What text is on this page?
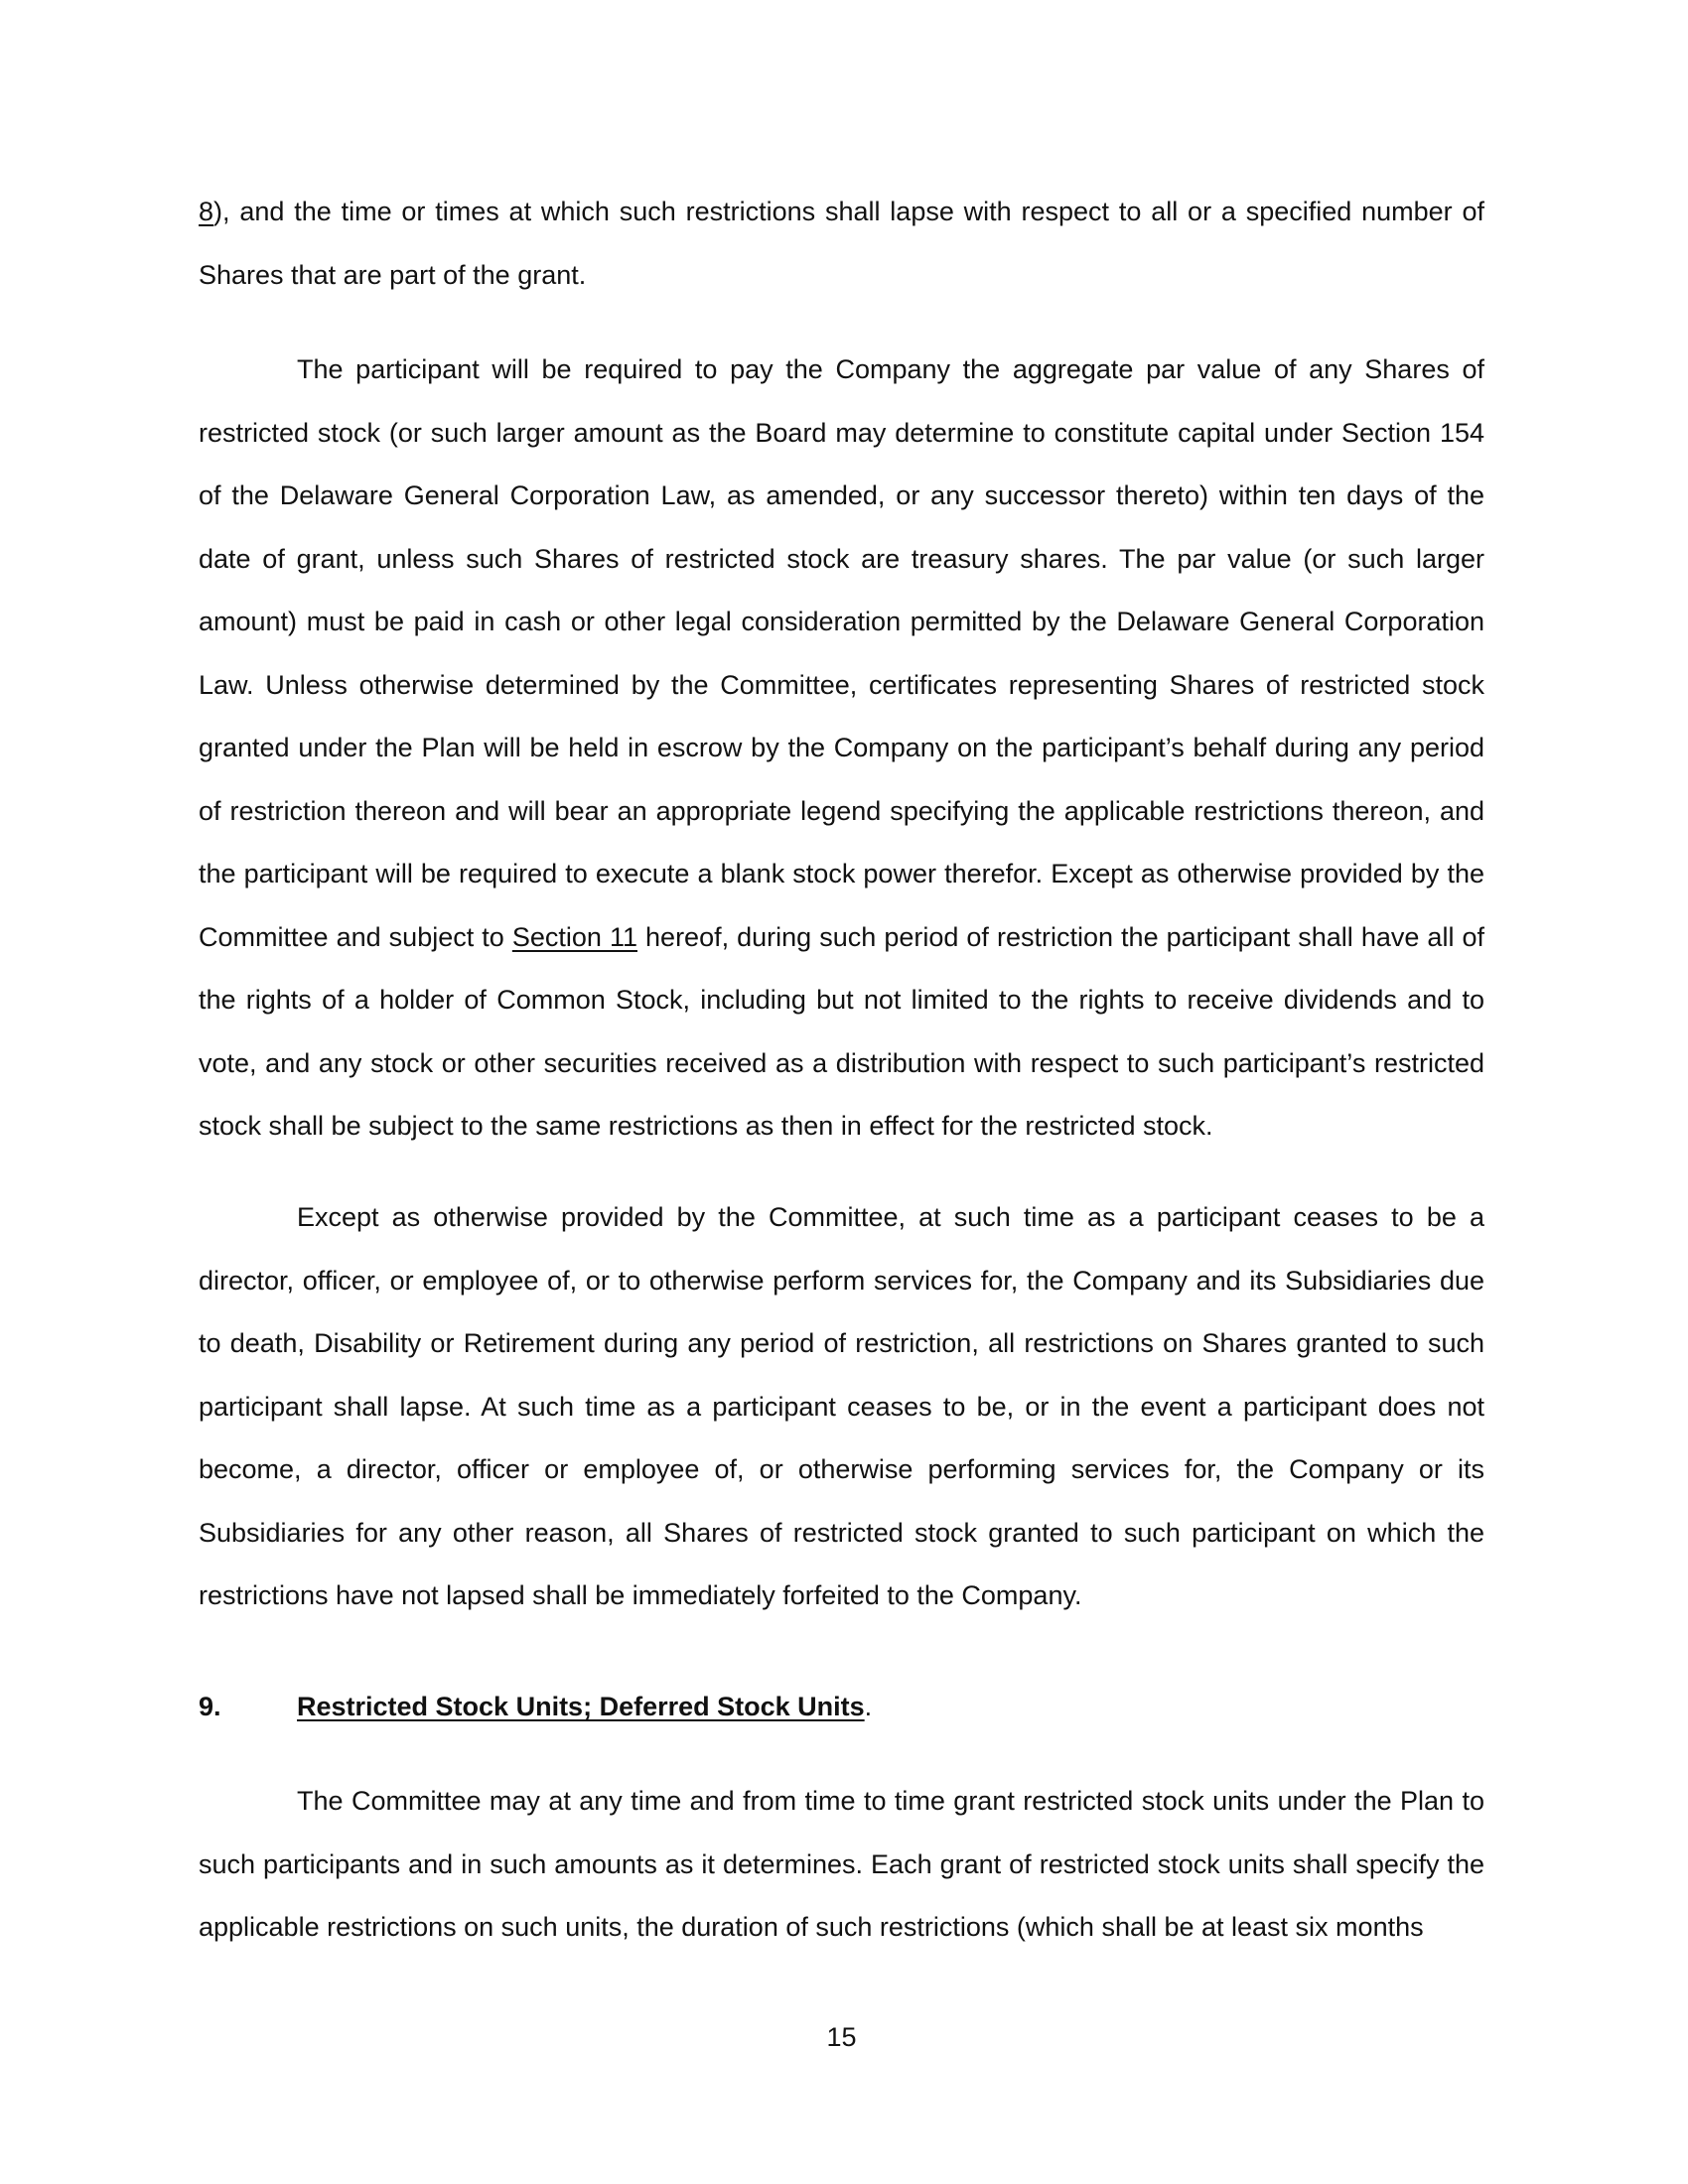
8), and the time or times at which such restrictions shall lapse with respect to all or a specified number of Shares that are part of the grant.

The participant will be required to pay the Company the aggregate par value of any Shares of restricted stock (or such larger amount as the Board may determine to constitute capital under Section 154 of the Delaware General Corporation Law, as amended, or any successor thereto) within ten days of the date of grant, unless such Shares of restricted stock are treasury shares. The par value (or such larger amount) must be paid in cash or other legal consideration permitted by the Delaware General Corporation Law. Unless otherwise determined by the Committee, certificates representing Shares of restricted stock granted under the Plan will be held in escrow by the Company on the participant’s behalf during any period of restriction thereon and will bear an appropriate legend specifying the applicable restrictions thereon, and the participant will be required to execute a blank stock power therefor. Except as otherwise provided by the Committee and subject to Section 11 hereof, during such period of restriction the participant shall have all of the rights of a holder of Common Stock, including but not limited to the rights to receive dividends and to vote, and any stock or other securities received as a distribution with respect to such participant’s restricted stock shall be subject to the same restrictions as then in effect for the restricted stock.

Except as otherwise provided by the Committee, at such time as a participant ceases to be a director, officer, or employee of, or to otherwise perform services for, the Company and its Subsidiaries due to death, Disability or Retirement during any period of restriction, all restrictions on Shares granted to such participant shall lapse. At such time as a participant ceases to be, or in the event a participant does not become, a director, officer or employee of, or otherwise performing services for, the Company or its Subsidiaries for any other reason, all Shares of restricted stock granted to such participant on which the restrictions have not lapsed shall be immediately forfeited to the Company.

9.	Restricted Stock Units; Deferred Stock Units.

The Committee may at any time and from time to time grant restricted stock units under the Plan to such participants and in such amounts as it determines. Each grant of restricted stock units shall specify the applicable restrictions on such units, the duration of such restrictions (which shall be at least six months

15
